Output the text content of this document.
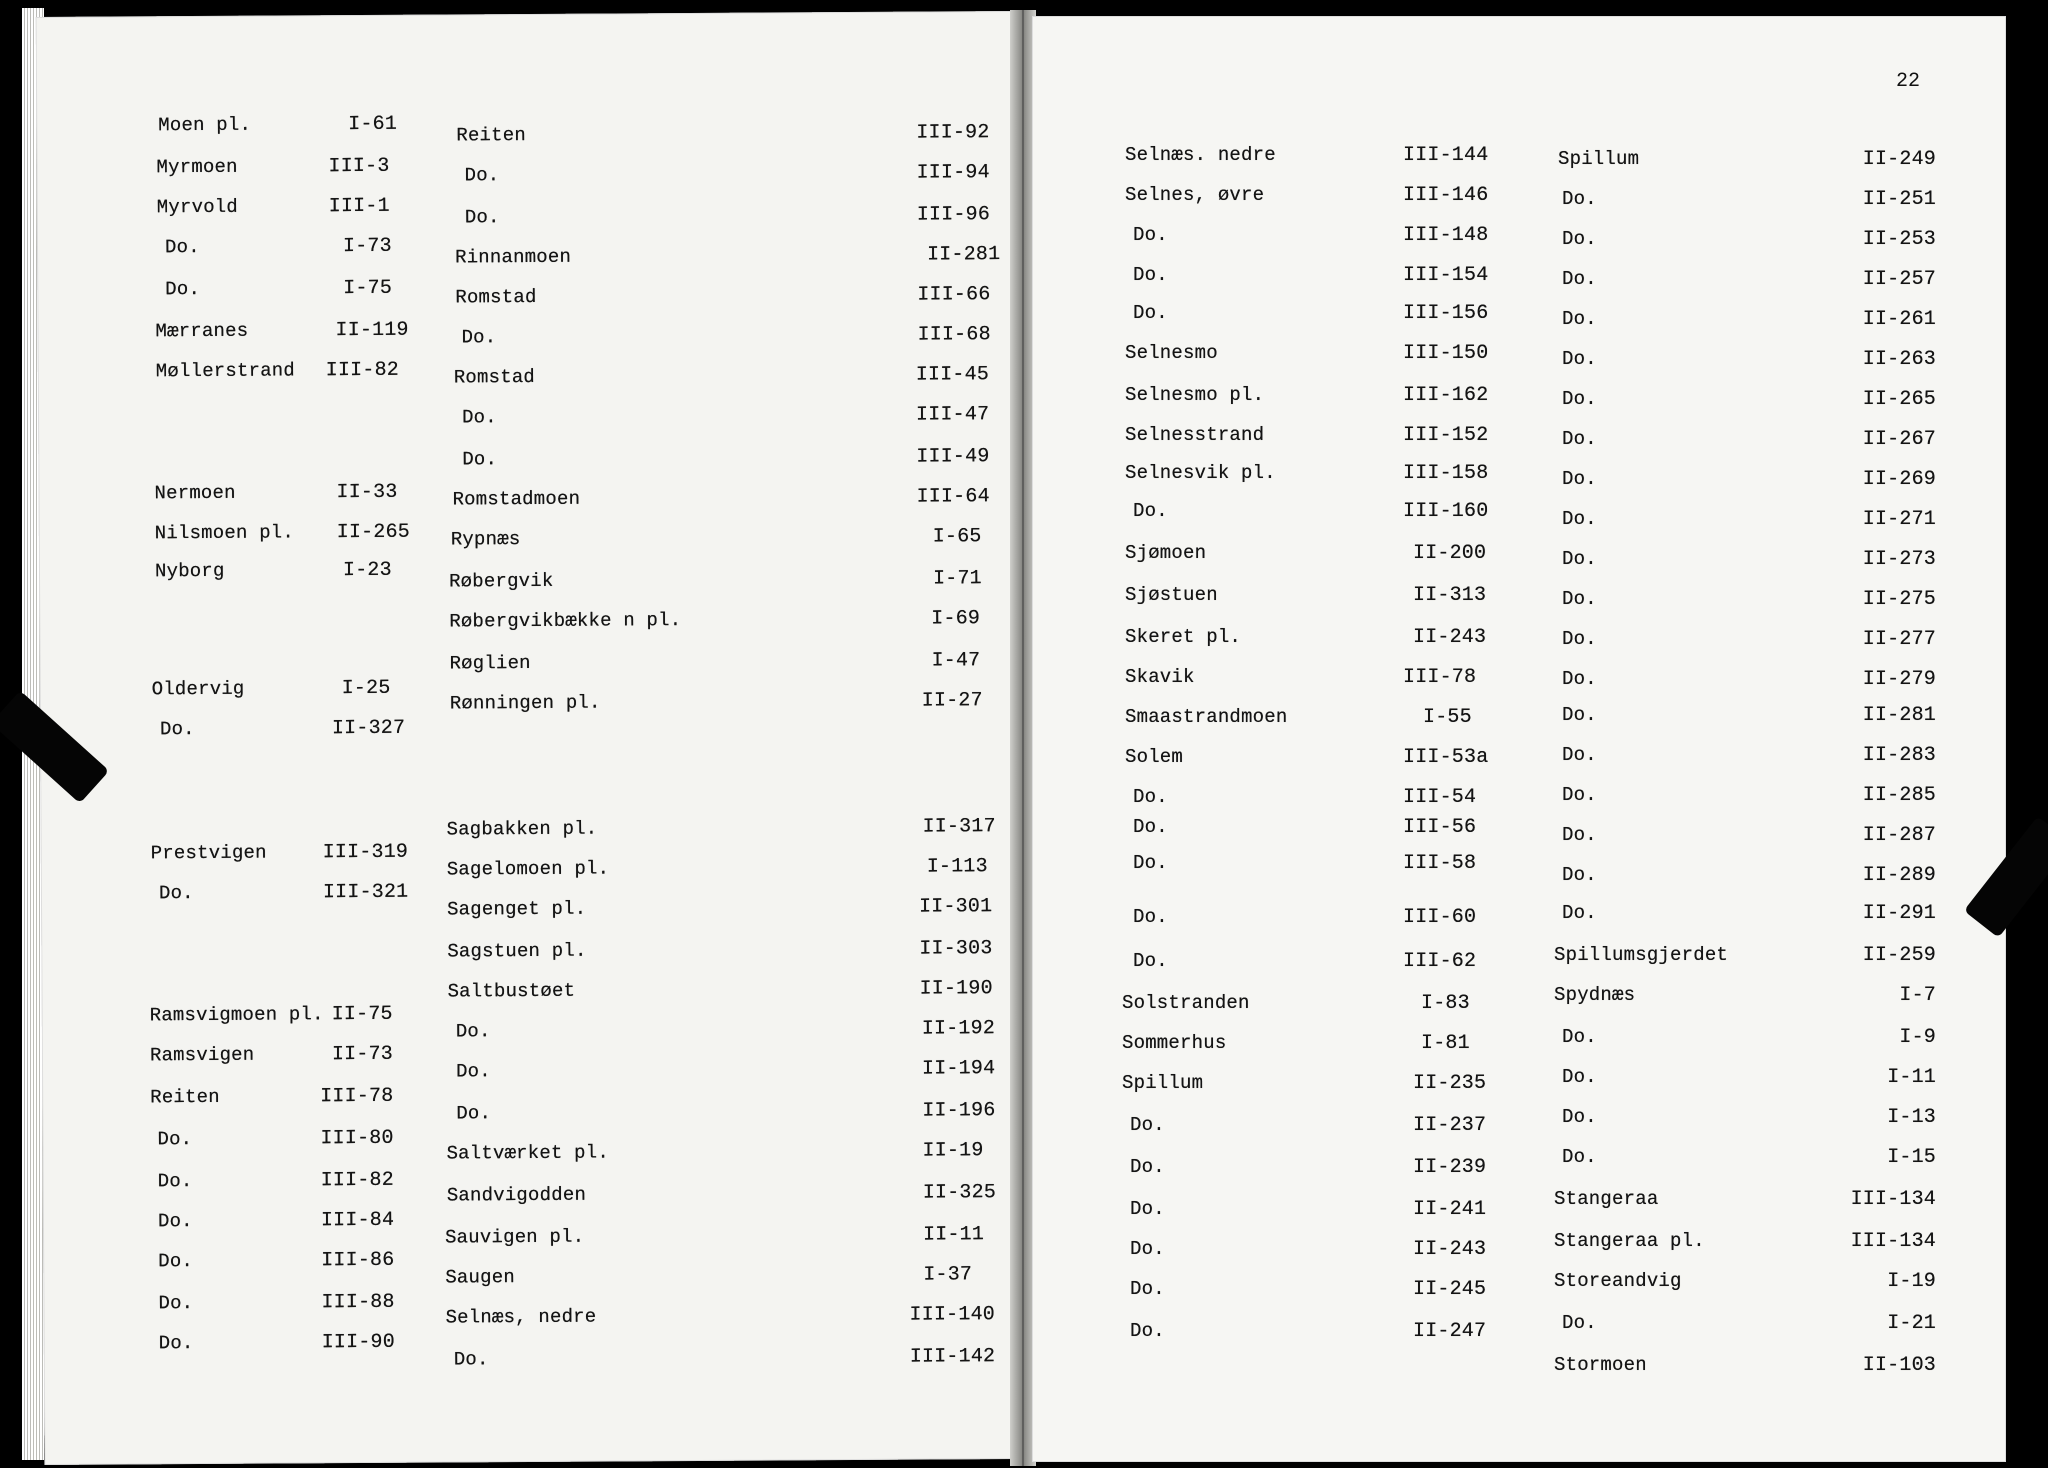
Moen pl.	I-61
Myrmoen	III-3
Myrvold	III-1
Do.	I-73
Do.	I-75
Mærranes	II-119
Møllerstrand III-82
Nermoen	II-33
Nilsmoen pl. II-265
Nyborg	I-23
Oldervig	I-25
Do.	II-327
Prestvigen	III-319
Do.	III-321
Ramsvigmoen pl. II-75
Ramsvigen	II-73
Reiten	III-78
Do.	III-80
Do.	III-82
Do.	III-84
Do.	III-86
Do.	III-88
Do.	III-90
Reiten	III-92
Do.	III-94
Do.	III-96
Rinnanmoen	II-281
Romstad	III-66
Do.	III-68
Romstad	III-45
Do.	III-47
Do.	III-49
Romstadmoen	III-64
Rypnæs	I-65
Røbergvik	I-71
Røbergvikbække n pl.	I-69
Røglien	I-47
Rønningen pl.	II-27
Sagbakken pl.	II-317
Sagelomoen pl.	I-113
Sagenget pl.	II-301
Sagstuen pl.	II-303
Saltbustøet	II-190
Do.	II-192
Do.	II-194
Do.	II-196
Saltværket pl.	II-19
Sandvigodden	II-325
Sauvigen pl.	II-11
Saugen	I-37
Selnæs, nedre	III-140
Do.	III-142
22
Selnæs. nedre	III-144
Selnes, øvre	III-146
Do.	III-148
Do.	III-154
Do.	III-156
Selnesmo	III-150
Selnesmo pl.	III-162
Selnesstrand	III-152
Selnesvik pl.	III-158
Do.	III-160
Sjømoen	II-200
Sjøstuen	II-313
Skeret pl.	II-243
Skavik	III-78
Smaastrandmoen	I-55
Solem	III-53a
Do.	III-54
Do.	III-56
Do.	III-58
Do.	III-60
Do.	III-62
Solstranden	I-83
Sommerhus	I-81
Spillum	II-235
Do.	II-237
Do.	II-239
Do.	II-241
Do.	II-243
Do.	II-245
Do.	II-247
Spillum	II-249
Do.	II-251
Do.	II-253
Do.	II-257
Do.	II-261
Do.	II-263
Do.	II-265
Do.	II-267
Do.	II-269
Do.	II-271
Do.	II-273
Do.	II-275
Do.	II-277
Do.	II-279
Do.	II-281
Do.	II-283
Do.	II-285
Do.	II-287
Do.	II-289
Do.	II-291
Spillumsgjerdet	II-259
Spydnæs	I-7
Do.	I-9
Do.	I-11
Do.	I-13
Do.	I-15
Stangeraa	III-134
Stangeraa pl.	III-134
Storeandvig	I-19
Do.	I-21
Stormoen	II-103
